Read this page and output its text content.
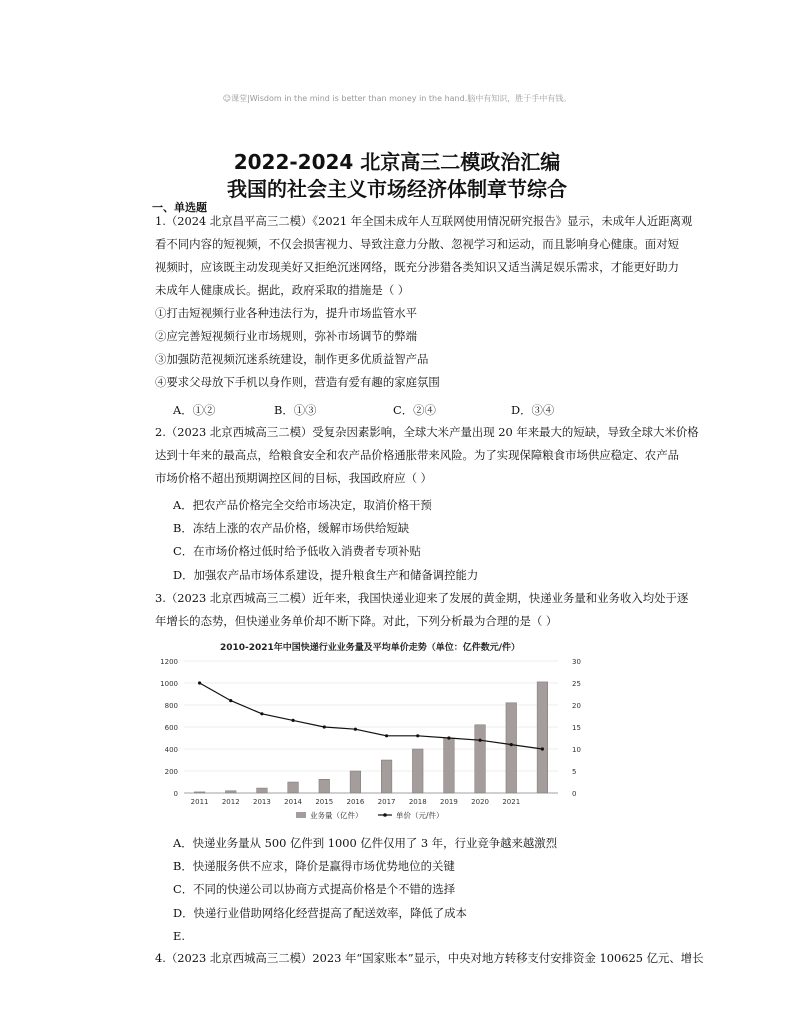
☺课堂|Wisdom in the mind is better than money in the hand.脑中有知识，胜于手中有钱。
2022-2024 北京高三二模政治汇编
我国的社会主义市场经济体制章节综合
一、单选题
1.（2024 北京昌平高三二模）《2021 年全国未成年人互联网使用情况研究报告》显示，未成年人近距离观
看不同内容的短视频，不仅会损害视力、导致注意力分散、忽视学习和运动，而且影响身心健康。面对短
视频时，应该既主动发现美好又拒绝沉迷网络，既充分涉猎各类知识又适当满足娱乐需求，才能更好助力
未成年人健康成长。据此，政府采取的措施是（ ）
①打击短视频行业各种违法行为，提升市场监管水平
②应完善短视频行业市场规则，弥补市场调节的弊端
③加强防范视频沉迷系统建设，制作更多优质益智产品
④要求父母放下手机以身作则，营造有爱有趣的家庭氛围
A．①②	B．①③	C．②④	D．③④
2.（2023 北京西城高三二模）受复杂因素影响，全球大米产量出现 20 年来最大的短缺，导致全球大米价格
达到十年来的最高点，给粮食安全和农产品价格通胀带来风险。为了实现保障粮食市场供应稳定、农产品
市场价格不超出预期调控区间的目标，我国政府应（ ）
A．把农产品价格完全交给市场决定，取消价格干预
B．冻结上涨的农产品价格，缓解市场供给短缺
C．在市场价格过低时给予低收入消费者专项补贴
D．加强农产品市场体系建设，提升粮食生产和储备调控能力
3.（2023 北京西城高三二模）近年来，我国快递业迎来了发展的黄金期，快递业务量和业务收入均处于逐
年增长的态势，但快递业务单价却不断下降。对此，下列分析最为合理的是（ ）
2010-2021年中国快递行业业务量及平均单价走势（单位：亿件数元/件）
0
200
400
600
800
1000
1200
0
5
10
15
20
25
30
2011 2012 2013 2014 2015 2016 2017 2018 2019 2020 2021
业务量（亿件）	单价（元/件）
A．快递业务量从 500 亿件到 1000 亿件仅用了 3 年，行业竞争越来越激烈
B．快递服务供不应求，降价是赢得市场优势地位的关键
C．不同的快递公司以协商方式提高价格是个不错的选择
D．快递行业借助网络化经营提高了配送效率，降低了成本
E.
4.（2023 北京西城高三二模）2023 年“国家账本”显示，中央对地方转移支付安排资金 100625 亿元、增长
